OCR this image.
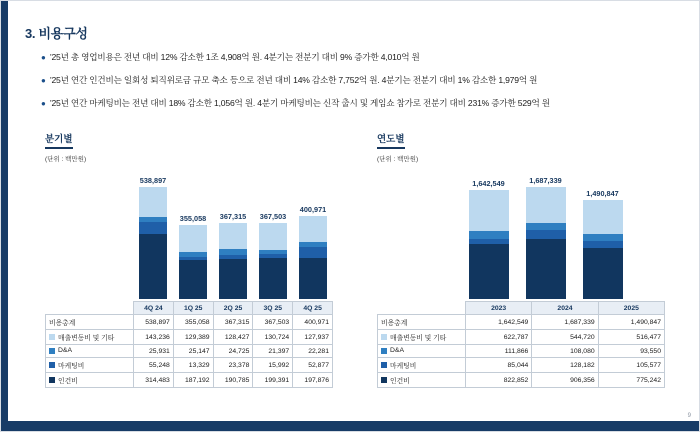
9
3. 비용구성
● '25년 총 영업비용은 전년 대비 12% 감소한 1조 4,908억 원. 4분기는 전분기 대비 9% 증가한 4,010억 원
● '25년 연간 인건비는 일회성 퇴직위로금 규모 축소 등으로 전년 대비 14% 감소한 7,752억 원. 4분기는 전분기 대비 1% 감소한 1,979억 원
● '25년 연간 마케팅비는 전년 대비 18% 감소한 1,056억 원. 4분기 마케팅비는 신작 출시 및 게임쇼 참가로 전분기 대비 231% 증가한 529억 원
분기별
(단위 : 백만원)
538,897
355,058 367,315 367,503
400,971
	4Q 24	1Q 25	2Q 25	3Q 25	4Q 25
비용총계	538,897	355,058	367,315	367,503	400,971
매출변동비 및 기타	143,236	129,389	128,427	130,724	127,937
D&A	25,931	25,147	24,725	21,397	22,281
마케팅비	55,248	13,329	23,378	15,992	52,877
인건비	314,483	187,192	190,785	199,391	197,876
연도별
(단위 : 백만원)
1,642,549	1,687,339
1,490,847
	2023	2024	2025
비용총계	1,642,549	1,687,339	1,490,847
매출변동비 및 기타	622,787	544,720	516,477
D&A	111,866	108,080	93,550
마케팅비	85,044	128,182	105,577
인건비	822,852	906,356	775,242
